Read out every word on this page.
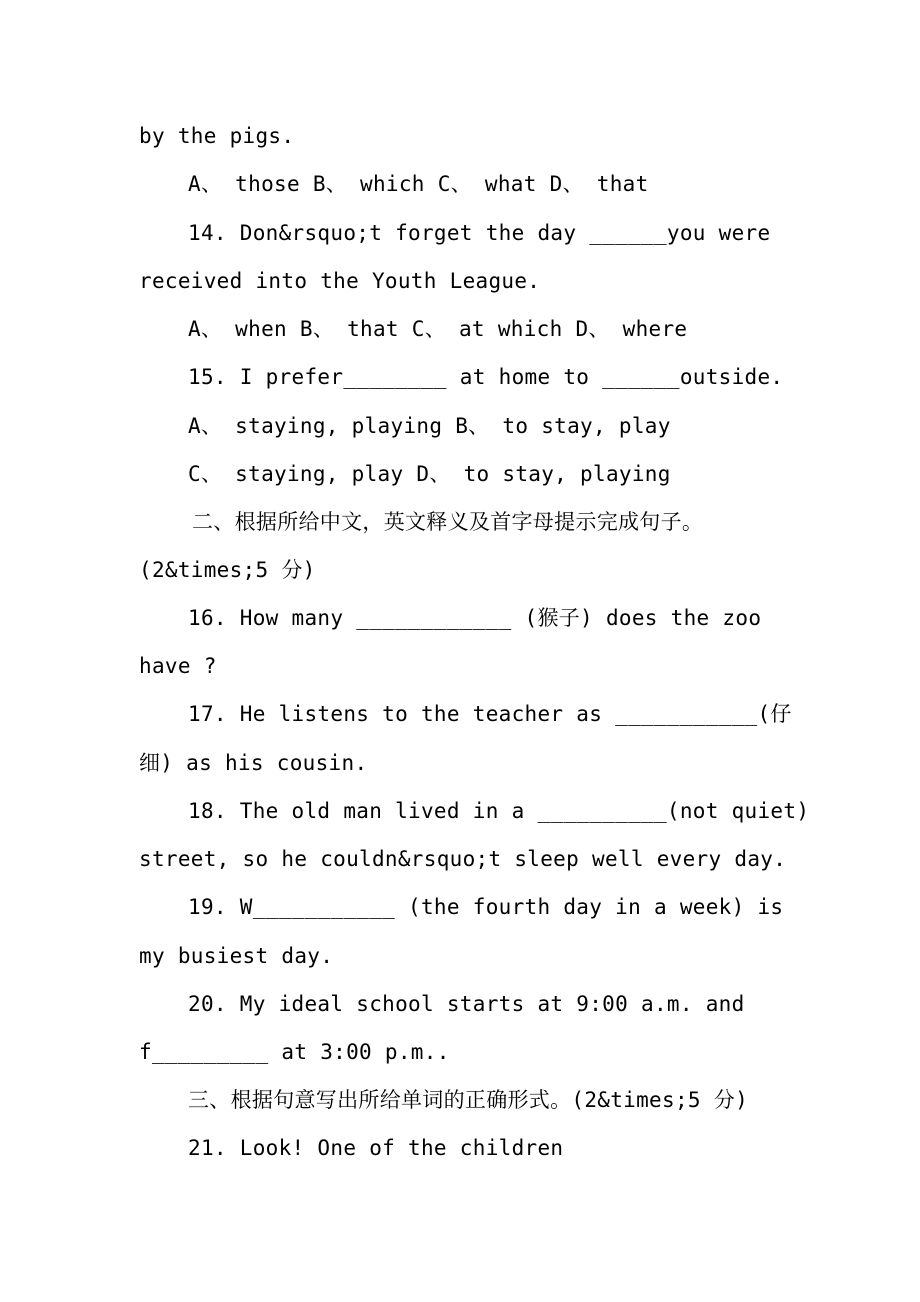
by the pigs.
A、 those B、 which C、 what D、 that
14. Don&rsquo;t forget the day ______you were
received into the Youth League.
A、 when B、 that C、 at which D、 where
15. I prefer________ at home to ______outside.
A、 staying, playing B、 to stay, play
C、 staying, play D、 to stay, playing
二、根据所给中文，英文释义及首字母提示完成句子。
(2&times;5 分)
16. How many ____________ (猴子) does the zoo
have ?
17. He listens to the teacher as ___________(仔
细) as his cousin.
18. The old man lived in a __________(not quiet)
street, so he couldn&rsquo;t sleep well every day.
19. W___________ (the fourth day in a week) is
my busiest day.
20. My ideal school starts at 9:00 a.m. and
f_________ at 3:00 p.m..
三、根据句意写出所给单词的正确形式。(2&times;5 分)
21. Look! One of the children
